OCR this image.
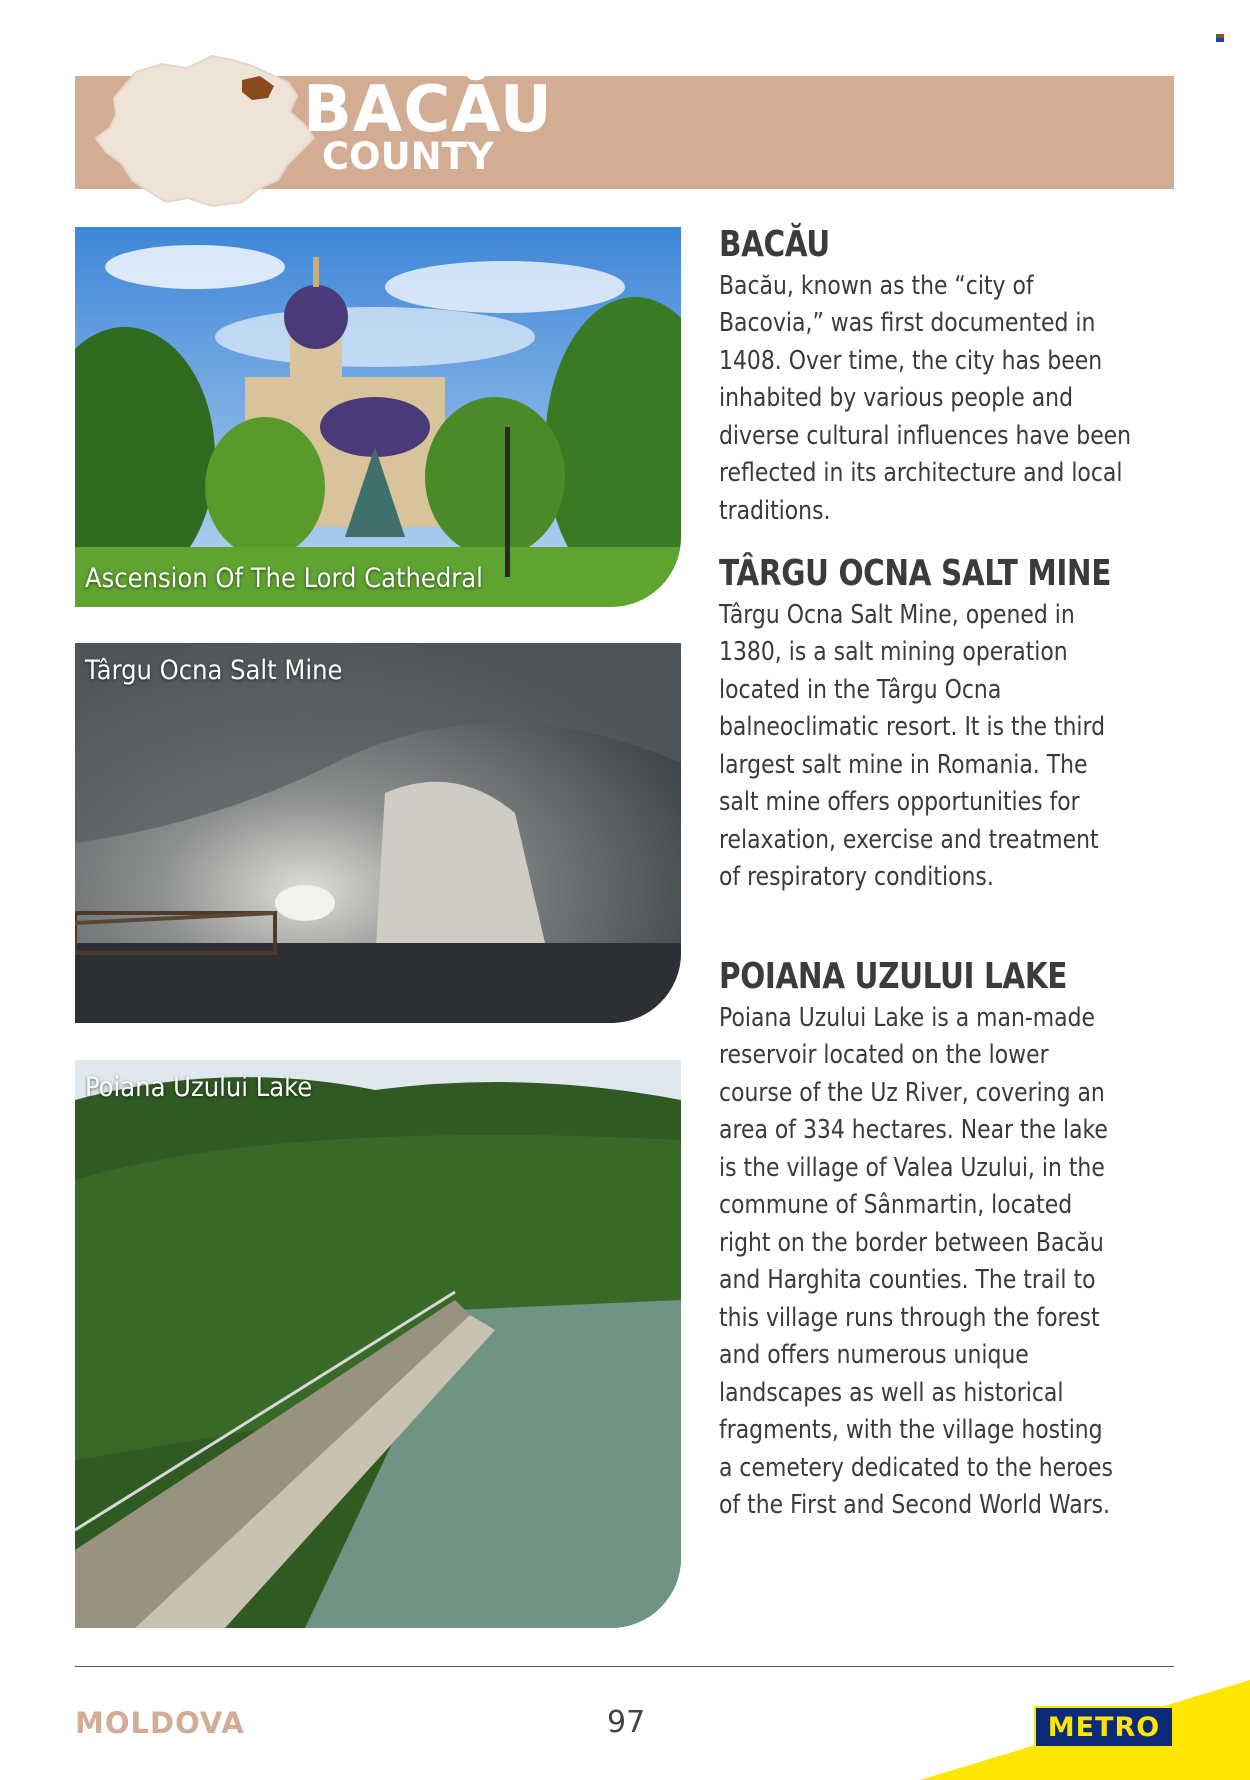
BACĂU
COUNTY
Ascension Of The Lord Cathedral
Târgu Ocna Salt Mine
Poiana Uzului Lake
BACĂU

Bacău, known as the “city of Bacovia,” was first documented in 1408. Over time, the city has been inhabited by various people and diverse cultural influences have been reflected in its architecture and local traditions.

TÂRGU OCNA SALT MINE

Târgu Ocna Salt Mine, opened in 1380, is a salt mining operation located in the Târgu Ocna balneoclimatic resort. It is the third largest salt mine in Romania. The salt mine offers opportunities for relaxation, exercise and treatment of respiratory conditions.

POIANA UZULUI LAKE

Poiana Uzului Lake is a man-made reservoir located on the lower course of the Uz River, covering an area of 334 hectares. Near the lake is the village of Valea Uzului, in the commune of Sânmartin, located right on the border between Bacău and Harghita counties. The trail to this village runs through the forest and offers numerous unique landscapes as well as historical fragments, with the village hosting a cemetery dedicated to the heroes of the First and Second World Wars.

MOLDOVA	97	METRO
